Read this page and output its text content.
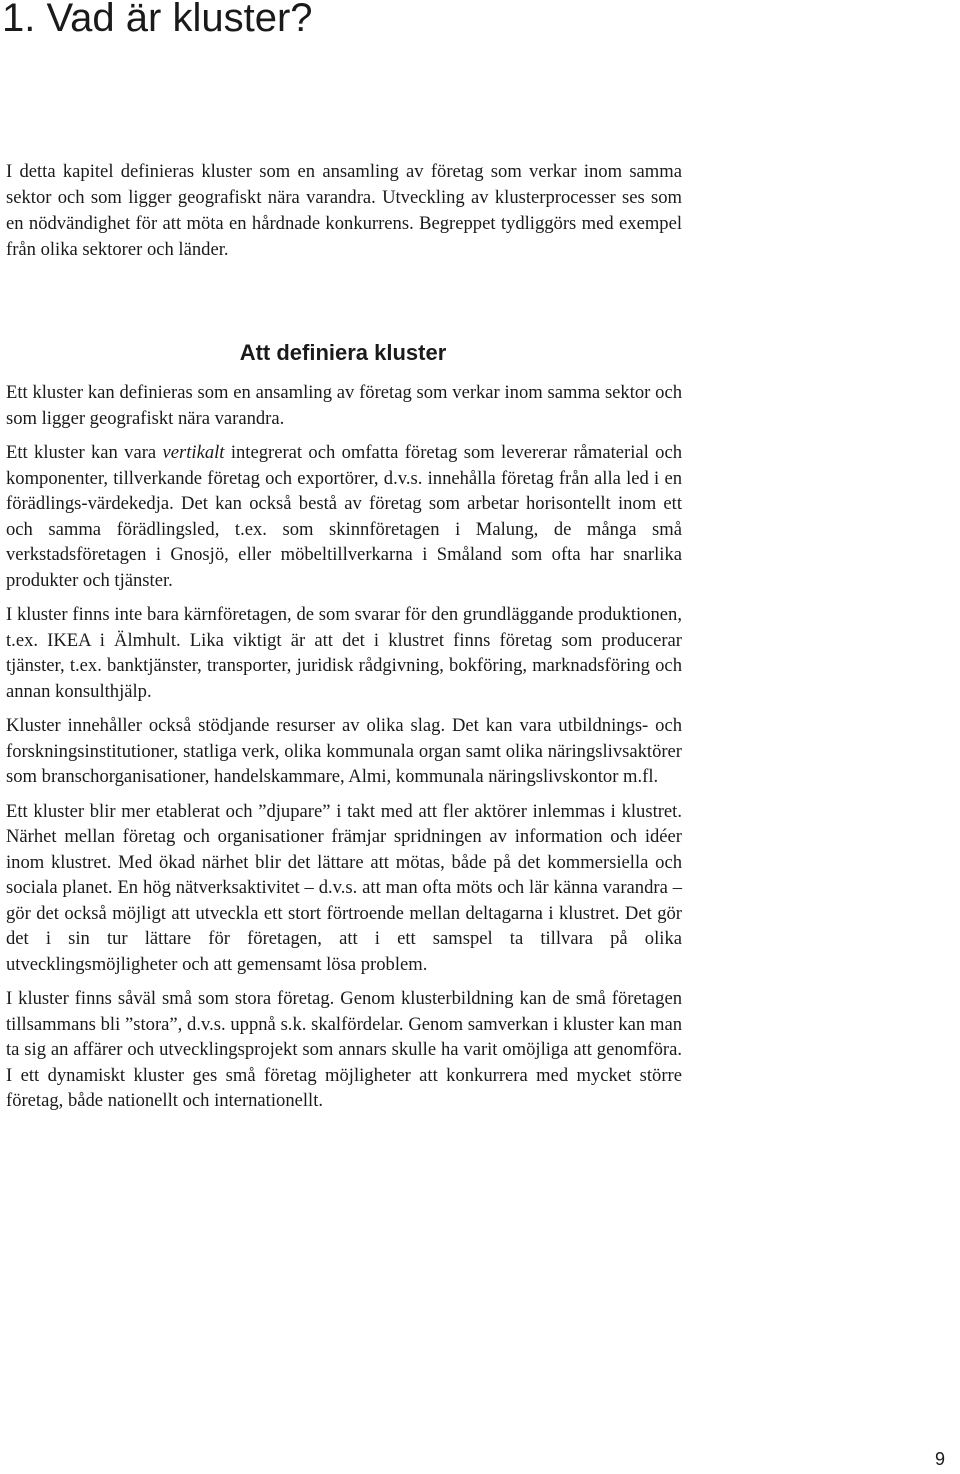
1. Vad är kluster?

I detta kapitel definieras kluster som en ansamling av företag som verkar inom samma sektor och som ligger geografiskt nära varandra. Utveckling av klusterprocesser ses som en nödvändighet för att möta en hårdnade konkurrens. Begreppet tydliggörs med exempel från olika sektorer och länder.

Att definiera kluster

Ett kluster kan definieras som en ansamling av företag som verkar inom samma sektor och som ligger geografiskt nära varandra.

Ett kluster kan vara vertikalt integrerat och omfatta företag som levererar råmaterial och komponenter, tillverkande företag och exportörer, d.v.s. innehålla företag från alla led i en förädlings-värdekedja. Det kan också bestå av företag som arbetar horisontellt inom ett och samma förädlingsled, t.ex. som skinnföretagen i Malung, de många små verkstadsföretagen i Gnosjö, eller möbeltillverkarna i Småland som ofta har snarlika produkter och tjänster.

I kluster finns inte bara kärnföretagen, de som svarar för den grundläggande produktionen, t.ex. IKEA i Älmhult. Lika viktigt är att det i klustret finns företag som producerar tjänster, t.ex. banktjänster, transporter, juridisk rådgivning, bokföring, marknadsföring och annan konsulthjälp.

Kluster innehåller också stödjande resurser av olika slag. Det kan vara utbildnings- och forskningsinstitutioner, statliga verk, olika kommunala organ samt olika näringslivsaktörer som branschorganisationer, handelskammare, Almi, kommunala näringslivskontor m.fl.

Ett kluster blir mer etablerat och ”djupare” i takt med att fler aktörer inlemmas i klustret. Närhet mellan företag och organisationer främjar spridningen av information och idéer inom klustret. Med ökad närhet blir det lättare att mötas, både på det kommersiella och sociala planet. En hög nätverksaktivitet – d.v.s. att man ofta möts och lär känna varandra – gör det också möjligt att utveckla ett stort förtroende mellan deltagarna i klustret. Det gör det i sin tur lättare för företagen, att i ett samspel ta tillvara på olika utvecklingsmöjligheter och att gemensamt lösa problem.

I kluster finns såväl små som stora företag. Genom klusterbildning kan de små företagen tillsammans bli ”stora”, d.v.s. uppnå s.k. skalfördelar. Genom samverkan i kluster kan man ta sig an affärer och utvecklingsprojekt som annars skulle ha varit omöjliga att genomföra. I ett dynamiskt kluster ges små företag möjligheter att konkurrera med mycket större företag, både nationellt och internationellt.

9
